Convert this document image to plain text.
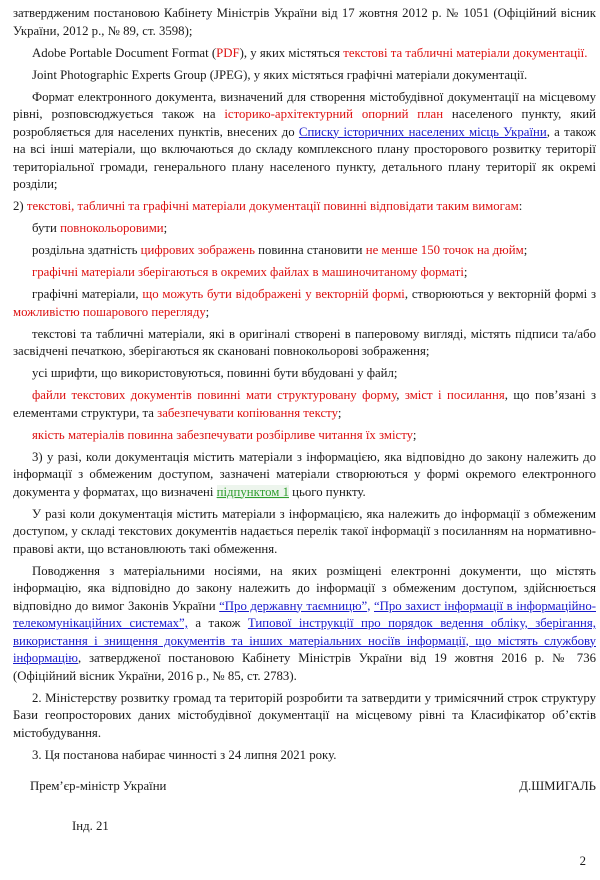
затвердженим постановою Кабінету Міністрів України від 17 жовтня 2012 р. № 1051 (Офіційний вісник України, 2012 р., № 89, ст. 3598);

Adobe Portable Document Format (PDF), у яких містяться текстові та табличні матеріали документації.

Joint Photographic Experts Group (JPEG), у яких містяться графічні матеріали документації.

Формат електронного документа, визначений для створення містобудівної документації на місцевому рівні, розповсюджується також на історико-архітектурний опорний план населеного пункту, який розробляється для населених пунктів, внесених до Списку історичних населених місць України, а також на всі інші матеріали, що включаються до складу комплексного плану просторового розвитку території територіальної громади, генерального плану населеного пункту, детального плану території як окремі розділи;

2) текстові, табличні та графічні матеріали документації повинні відповідати таким вимогам:

бути повнокольоровими;

роздільна здатність цифрових зображень повинна становити не менше 150 точок на дюйм;

графічні матеріали зберігаються в окремих файлах в машиночитаному форматі;

графічні матеріали, що можуть бути відображені у векторній формі, створюються у векторній формі з можливістю пошарового перегляду;

текстові та табличні матеріали, які в оригіналі створені в паперовому вигляді, містять підписи та/або засвідчені печаткою, зберігаються як скановані повнокольорові зображення;

усі шрифти, що використовуються, повинні бути вбудовані у файл;

файли текстових документів повинні мати структуровану форму, зміст і посилання, що пов’язані з елементами структури, та забезпечувати копіювання тексту;

якість матеріалів повинна забезпечувати розбірливе читання їх змісту;

3) у разі, коли документація містить матеріали з інформацією, яка відповідно до закону належить до інформації з обмеженим доступом, зазначені матеріали створюються у формі окремого електронного документа у форматах, що визначені підпунктом 1 цього пункту.

У разі коли документація містить матеріали з інформацією, яка належить до інформації з обмеженим доступом, у складі текстових документів надається перелік такої інформації з посиланням на нормативно-правові акти, що встановлюють такі обмеження.

Поводження з матеріальними носіями, на яких розміщені електронні документи, що містять інформацію, яка відповідно до закону належить до інформації з обмеженим доступом, здійснюється відповідно до вимог Законів України “Про державну таємницю”, “Про захист інформації в інформаційно-телекомунікаційних системах”, а також Типової інструкції про порядок ведення обліку, зберігання, використання і знищення документів та інших матеріальних носіїв інформації, що містять службову інформацію, затвердженої постановою Кабінету Міністрів України від 19 жовтня 2016 р. № 736 (Офіційний вісник України, 2016 р., № 85, ст. 2783).

2. Міністерству розвитку громад та територій розробити та затвердити у тримісячний строк структуру Бази геопросторових даних містобудівної документації на місцевому рівні та Класифікатор об’єктів містобудування.

3. Ця постанова набирає чинності з 24 липня 2021 року.

Прем’єр-міністр України	Д.ШМИГАЛЬ
Інд. 21
2
